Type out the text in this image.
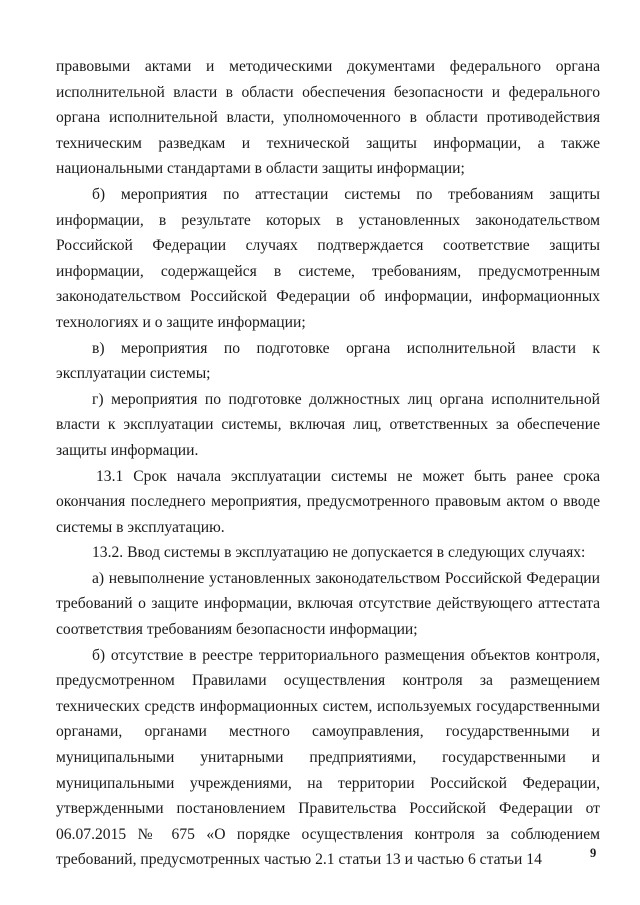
правовыми актами и методическими документами федерального органа исполнительной власти в области обеспечения безопасности и федерального органа исполнительной власти, уполномоченного в области противодействия техническим разведкам и технической защиты информации, а также национальными стандартами в области защиты информации;

б) мероприятия по аттестации системы по требованиям защиты информации, в результате которых в установленных законодательством Российской Федерации случаях подтверждается соответствие защиты информации, содержащейся в системе, требованиям, предусмотренным законодательством Российской Федерации об информации, информационных технологиях и о защите информации;

в) мероприятия по подготовке органа исполнительной власти к эксплуатации системы;

г) мероприятия по подготовке должностных лиц органа исполнительной власти к эксплуатации системы, включая лиц, ответственных за обеспечение защиты информации.

13.1 Срок начала эксплуатации системы не может быть ранее срока окончания последнего мероприятия, предусмотренного правовым актом о вводе системы в эксплуатацию.

13.2. Ввод системы в эксплуатацию не допускается в следующих случаях:

а) невыполнение установленных законодательством Российской Федерации требований о защите информации, включая отсутствие действующего аттестата соответствия требованиям безопасности информации;

б) отсутствие в реестре территориального размещения объектов контроля, предусмотренном Правилами осуществления контроля за размещением технических средств информационных систем, используемых государственными органами, органами местного самоуправления, государственными и муниципальными унитарными предприятиями, государственными и муниципальными учреждениями, на территории Российской Федерации, утвержденными постановлением Правительства Российской Федерации от 06.07.2015 № 675 «О порядке осуществления контроля за соблюдением требований, предусмотренных частью 2.1 статьи 13 и частью 6 статьи 14	9
